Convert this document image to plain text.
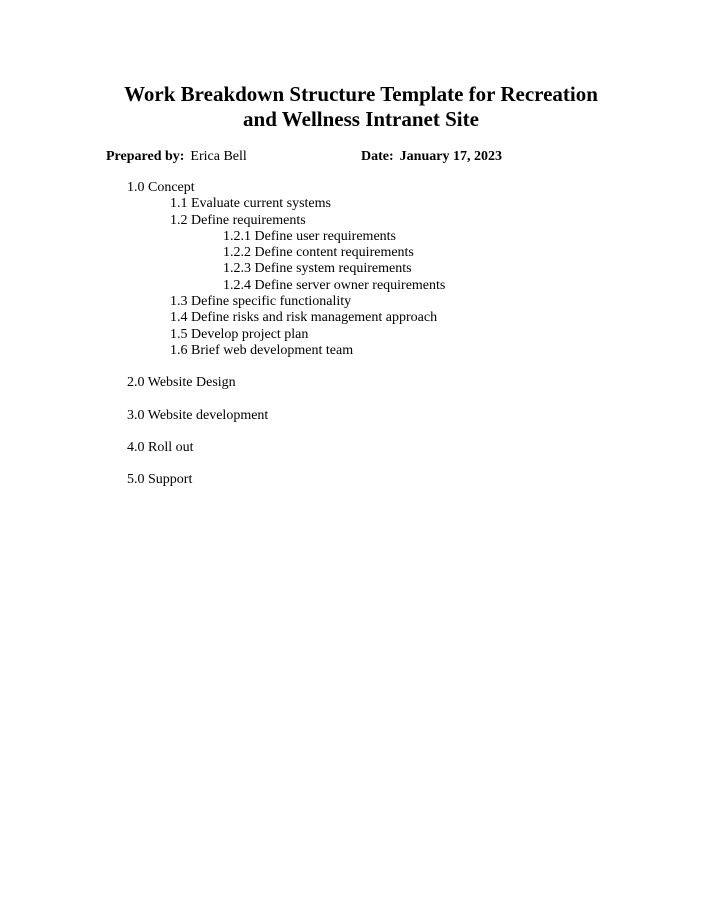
Work Breakdown Structure Template for Recreation and Wellness Intranet Site
Prepared by: Erica Bell	Date: January 17, 2023
1.0 Concept
1.1 Evaluate current systems
1.2 Define requirements
1.2.1 Define user requirements
1.2.2 Define content requirements
1.2.3 Define system requirements
1.2.4 Define server owner requirements
1.3 Define specific functionality
1.4 Define risks and risk management approach
1.5 Develop project plan
1.6 Brief web development team
2.0 Website Design
3.0 Website development
4.0 Roll out
5.0 Support
